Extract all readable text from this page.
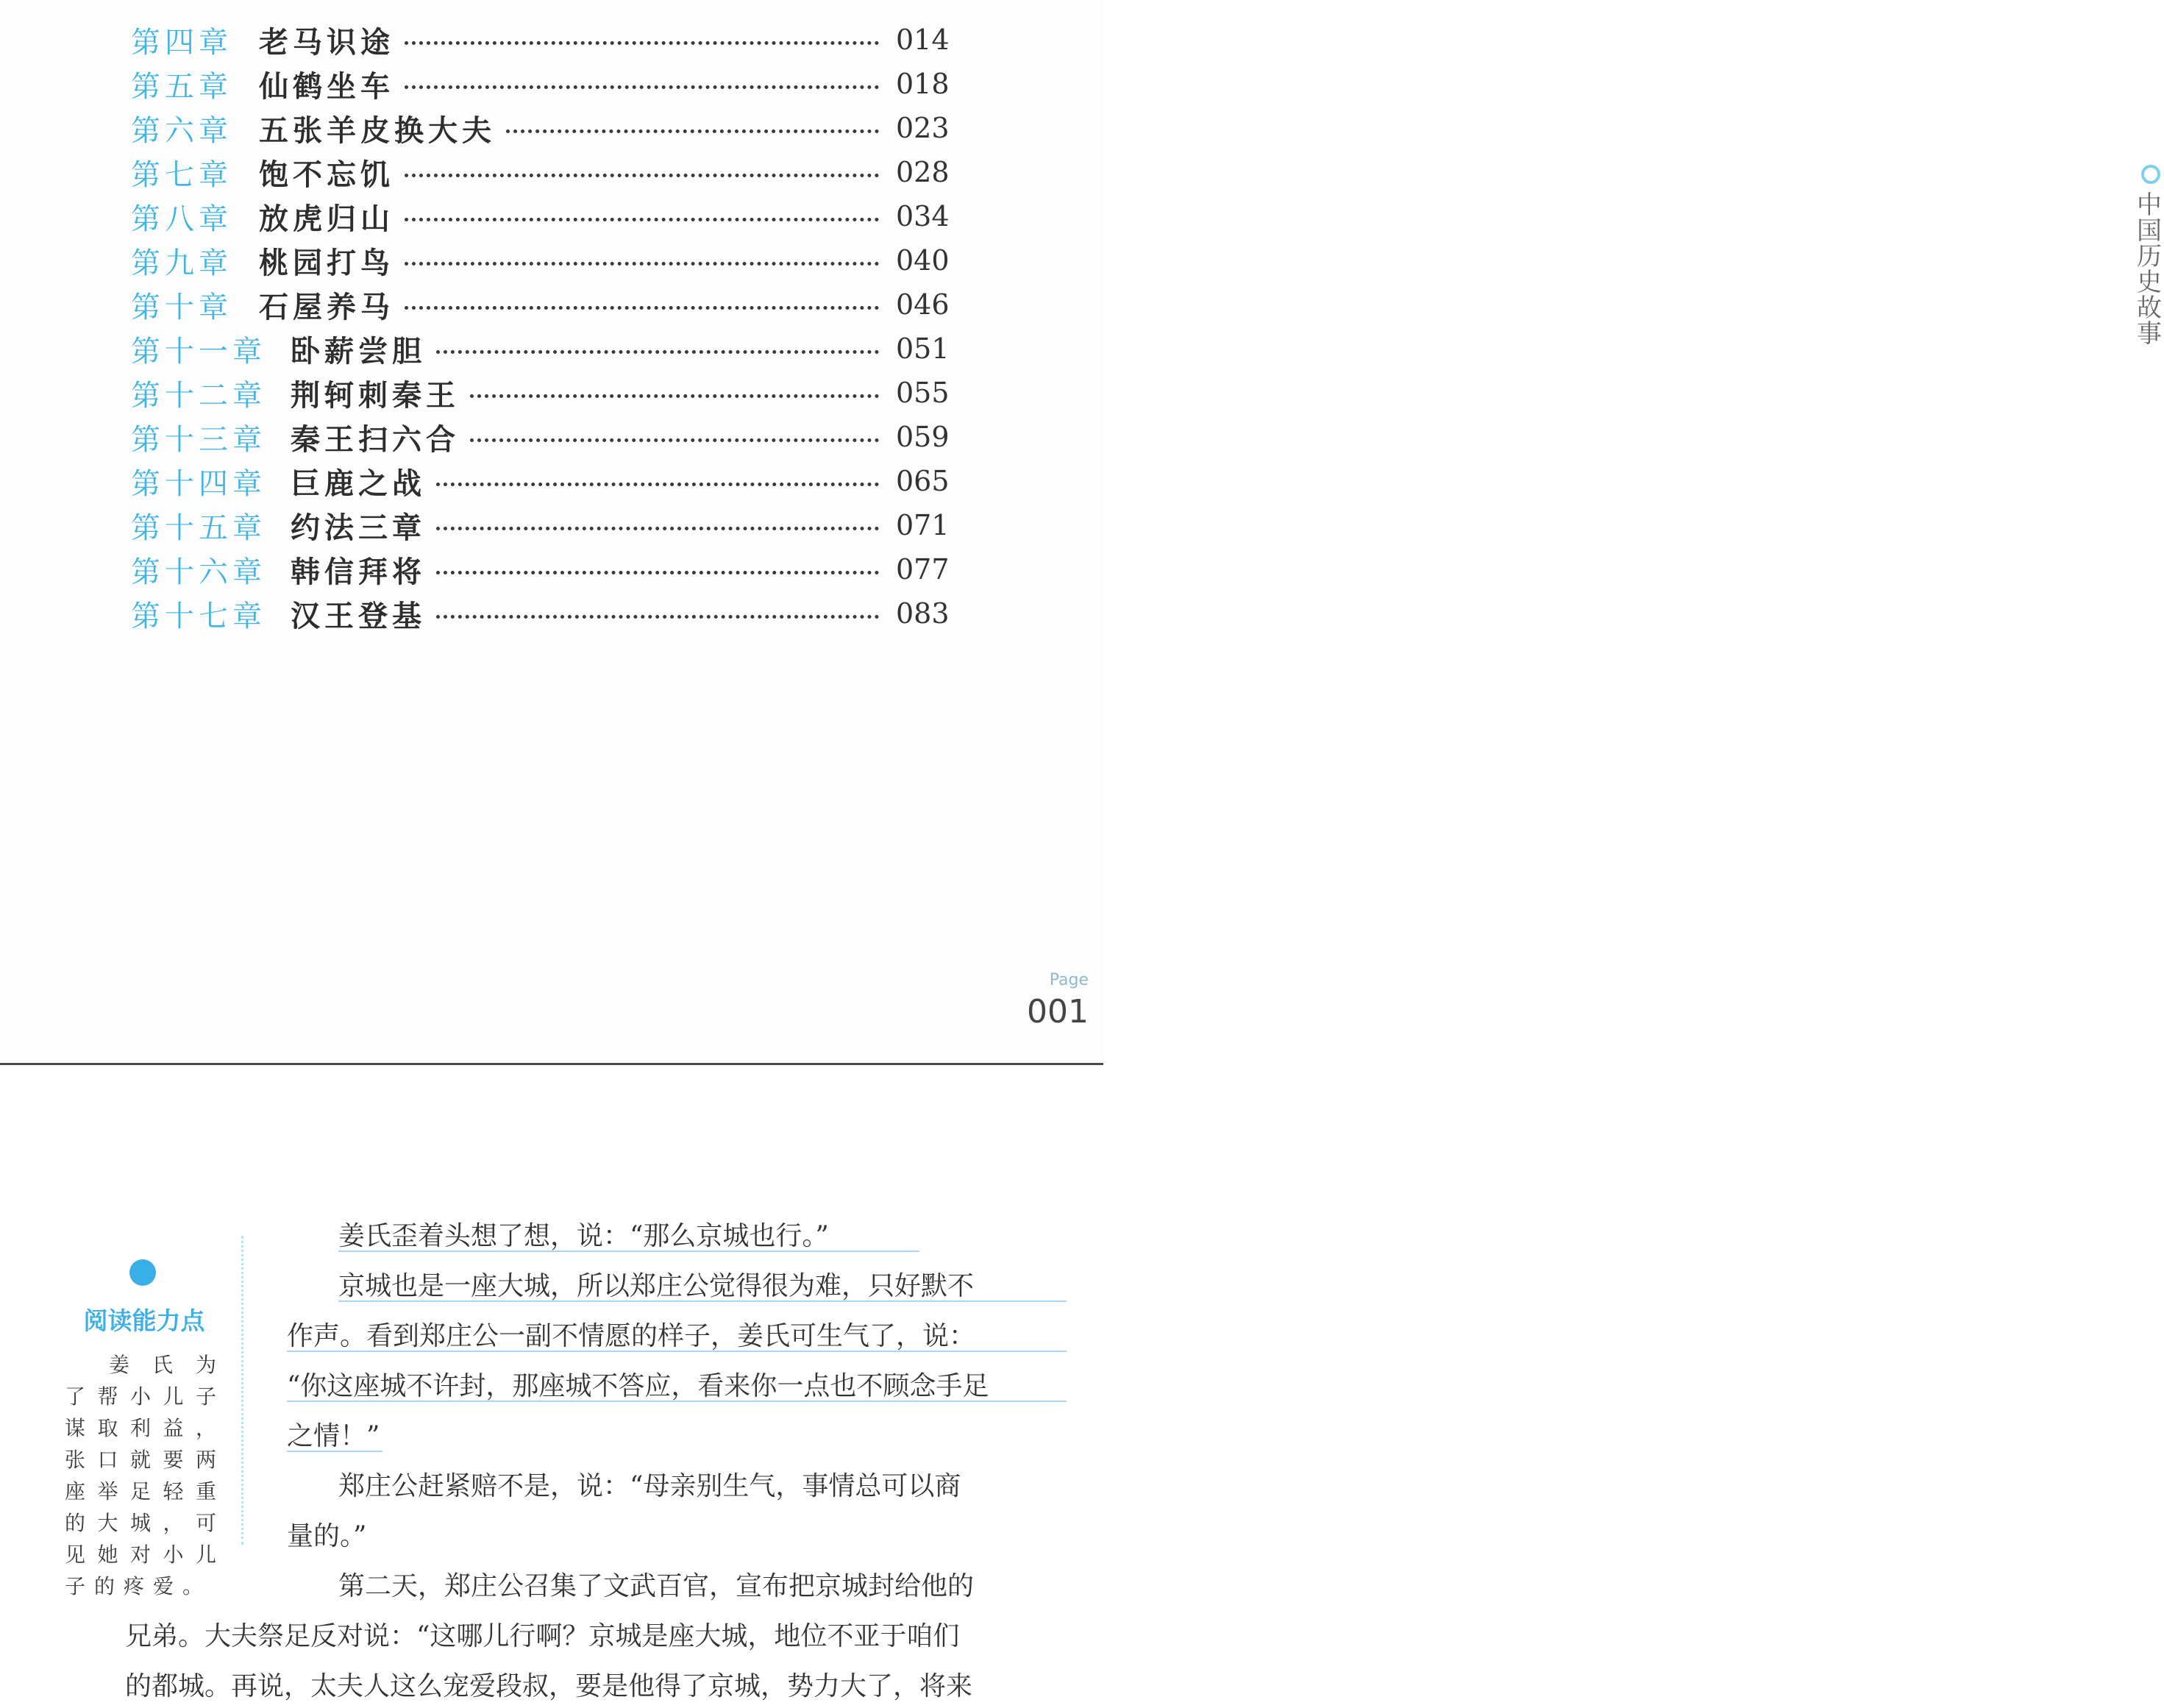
第四章 老马识途	014
第五章 仙鹤坐车	018
第六章 五张羊皮换大夫	023
第七章 饱不忘饥	028
第八章 放虎归山	034
第九章 桃园打鸟	040
第十章 石屋养马	046
第十一章 卧薪尝胆	051
第十二章 荆轲刺秦王	055
第十三章 秦王扫六合	059
第十四章 巨鹿之战	065
第十五章 约法三章	071
第十六章 韩信拜将	077
第十七章 汉王登基	083
中国历史故事
Page
001
阅读能力点
姜氏为了帮小儿子谋取利益，张口就要两座举足轻重的大城，可见她对小儿子的疼爱。
姜氏歪着头想了想，说：“那么京城也行。”
京城也是一座大城，所以郑庄公觉得很为难，只好默不
作声。看到郑庄公一副不情愿的样子，姜氏可生气了，说：
“你这座城不许封，那座城不答应，看来你一点也不顾念手足
之情！”
郑庄公赶紧赔不是，说：“母亲别生气，事情总可以商
量的。”
第二天，郑庄公召集了文武百官，宣布把京城封给他的
兄弟。大夫祭足反对说：“这哪儿行啊？京城是座大城，地位不亚于咱们
的都城。再说，太夫人这么宠爱段叔，要是他得了京城，势力大了，将来
